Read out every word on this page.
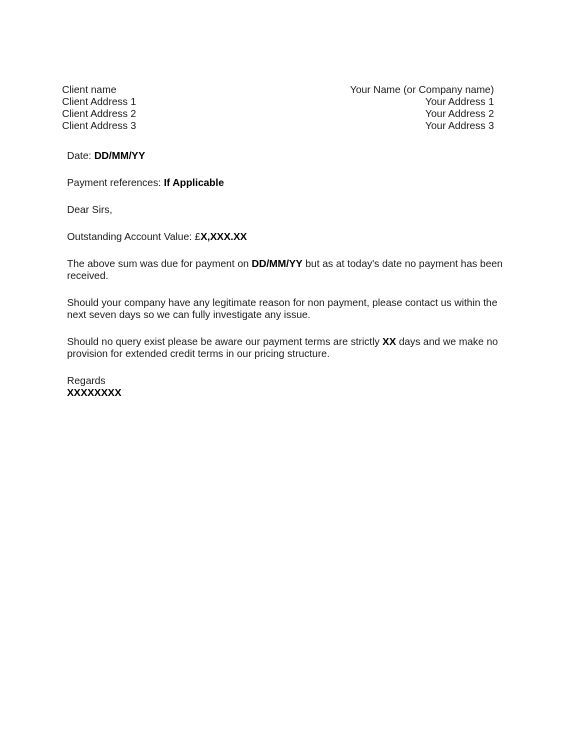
Client name
Client Address 1
Client Address 2
Client Address 3
Your Name (or Company name)
Your Address 1
Your Address 2
Your Address 3

Date: DD/MM/YY

Payment references: If Applicable

Dear Sirs,

Outstanding Account Value: £X,XXX.XX

The above sum was due for payment on DD/MM/YY but as at today's date no payment has been received.

Should your company have any legitimate reason for non payment, please contact us within the next seven days so we can fully investigate any issue.

Should no query exist please be aware our payment terms are strictly XX days and we make no provision for extended credit terms in our pricing structure.

Regards

XXXXXXXX
